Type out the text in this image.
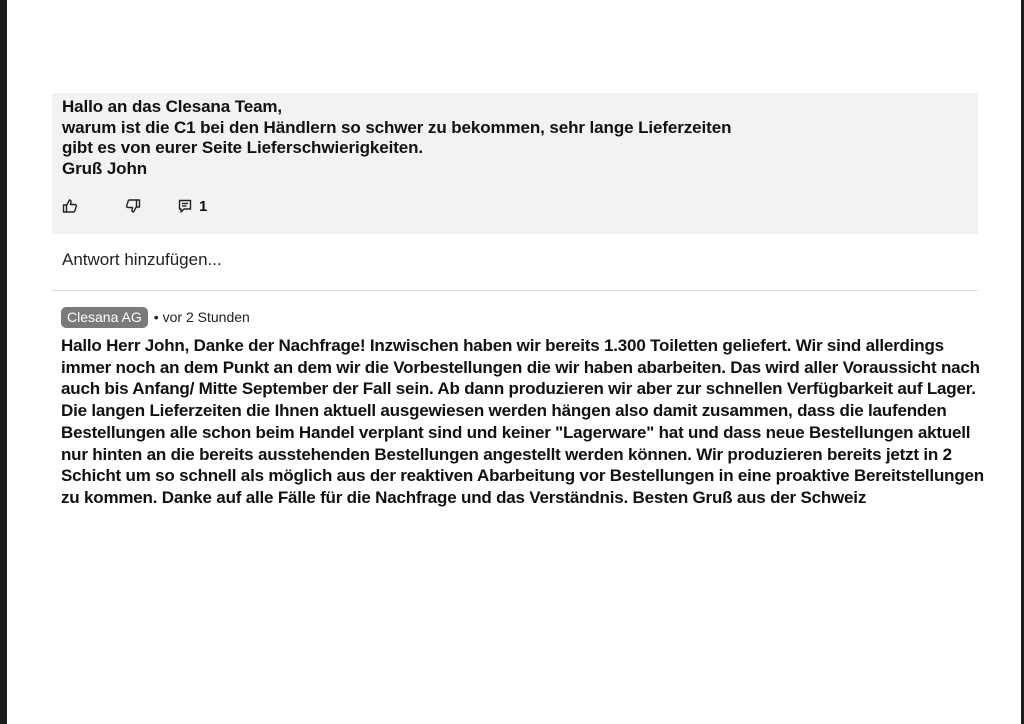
Hallo an das Clesana Team,
warum ist die C1 bei den Händlern so schwer zu bekommen, sehr lange Lieferzeiten
gibt es von eurer Seite Lieferschwierigkeiten.
Gruß John
1
Antwort hinzufügen...
Clesana AG • vor 2 Stunden
Hallo Herr John, Danke der Nachfrage! Inzwischen haben wir bereits 1.300 Toiletten geliefert. Wir sind allerdings immer noch an dem Punkt an dem wir die Vorbestellungen die wir haben abarbeiten. Das wird aller Voraussicht nach auch bis Anfang/ Mitte September der Fall sein. Ab dann produzieren wir aber zur schnellen Verfügbarkeit auf Lager. Die langen Lieferzeiten die Ihnen aktuell ausgewiesen werden hängen also damit zusammen, dass die laufenden Bestellungen alle schon beim Handel verplant sind und keiner "Lagerware" hat und dass neue Bestellungen aktuell nur hinten an die bereits ausstehenden Bestellungen angestellt werden können. Wir produzieren bereits jetzt in 2 Schicht um so schnell als möglich aus der reaktiven Abarbeitung vor Bestellungen in eine proaktive Bereitstellungen zu kommen. Danke auf alle Fälle für die Nachfrage und das Verständnis. Besten Gruß aus der Schweiz
